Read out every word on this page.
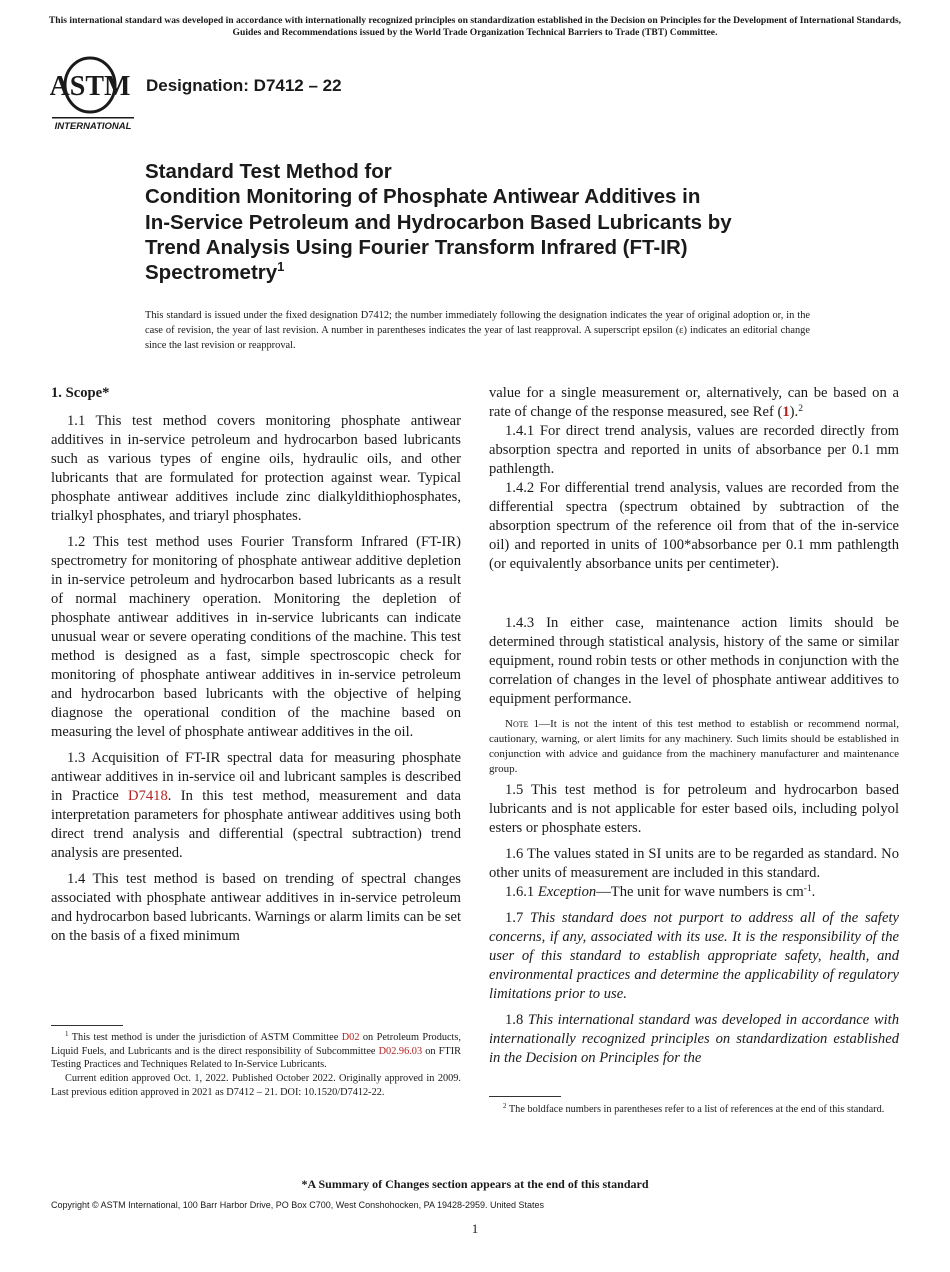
This international standard was developed in accordance with internationally recognized principles on standardization established in the Decision on Principles for the Development of International Standards, Guides and Recommendations issued by the World Trade Organization Technical Barriers to Trade (TBT) Committee.
ASTM
INTERNATIONAL
Designation: D7412 – 22
Standard Test Method for
Condition Monitoring of Phosphate Antiwear Additives in
In-Service Petroleum and Hydrocarbon Based Lubricants by
Trend Analysis Using Fourier Transform Infrared (FT-IR)
Spectrometry$^1$
This standard is issued under the fixed designation D7412; the number immediately following the designation indicates the year of original adoption or, in the case of revision, the year of last revision. A number in parentheses indicates the year of last reapproval. A superscript epsilon (ε) indicates an editorial change since the last revision or reapproval.

1. Scope*

1.1 This test method covers monitoring phosphate antiwear additives in in-service petroleum and hydrocarbon based lubricants such as various types of engine oils, hydraulic oils, and other lubricants that are formulated for protection against wear. Typical phosphate antiwear additives include zinc dialkyldithiophosphates, trialkyl phosphates, and triaryl phosphates.

1.2 This test method uses Fourier Transform Infrared (FT-IR) spectrometry for monitoring of phosphate antiwear additive depletion in in-service petroleum and hydrocarbon based lubricants as a result of normal machinery operation. Monitoring the depletion of phosphate antiwear additives in in-service lubricants can indicate unusual wear or severe operating conditions of the machine. This test method is designed as a fast, simple spectroscopic check for monitoring of phosphate antiwear additives in in-service petroleum and hydrocarbon based lubricants with the objective of helping diagnose the operational condition of the machine based on measuring the level of phosphate antiwear additives in the oil.

1.3 Acquisition of FT-IR spectral data for measuring phosphate antiwear additives in in-service oil and lubricant samples is described in Practice D7418. In this test method, measurement and data interpretation parameters for phosphate antiwear additives using both direct trend analysis and differential (spectral subtraction) trend analysis are presented.

1.4 This test method is based on trending of spectral changes associated with phosphate antiwear additives in in-service petroleum and hydrocarbon based lubricants. Warnings or alarm limits can be set on the basis of a fixed minimum

$^1$ This test method is under the jurisdiction of ASTM Committee D02 on Petroleum Products, Liquid Fuels, and Lubricants and is the direct responsibility of Subcommittee D02.96.03 on FTIR Testing Practices and Techniques Related to In-Service Lubricants.

Current edition approved Oct. 1, 2022. Published October 2022. Originally approved in 2009. Last previous edition approved in 2021 as D7412 – 21. DOI: 10.1520/D7412-22.

1.4.3 In either case, maintenance action limits should be determined through statistical analysis, history of the same or similar equipment, round robin tests or other methods in conjunction with the correlation of changes in the level of phosphate antiwear additives to equipment performance.

Note 1—It is not the intent of this test method to establish or recommend normal, cautionary, warning, or alert limits for any machinery. Such limits should be established in conjunction with advice and guidance from the machinery manufacturer and maintenance group.

1.5 This test method is for petroleum and hydrocarbon based lubricants and is not applicable for ester based oils, including polyol esters or phosphate esters.

1.6 The values stated in SI units are to be regarded as standard. No other units of measurement are included in this standard.

1.6.1 Exception—The unit for wave numbers is $cm^{-1}$.

1.7 This standard does not purport to address all of the safety concerns, if any, associated with its use. It is the responsibility of the user of this standard to establish appropriate safety, health, and environmental practices and determine the applicability of regulatory limitations prior to use.

1.8 This international standard was developed in accordance with internationally recognized principles on standardization established in the Decision on Principles for the

value for a single measurement or, alternatively, can be based on a rate of change of the response measured, see Ref (1).$^2$

1.4.1 For direct trend analysis, values are recorded directly from absorption spectra and reported in units of absorbance per 0.1 mm pathlength.

1.4.2 For differential trend analysis, values are recorded from the differential spectra (spectrum obtained by subtraction of the absorption spectrum of the reference oil from that of the in-service oil) and reported in units of 100*absorbance per 0.1 mm pathlength (or equivalently absorbance units per centimeter).

$^2$ The boldface numbers in parentheses refer to a list of references at the end of this standard.

*A Summary of Changes section appears at the end of this standard
Copyright © ASTM International, 100 Barr Harbor Drive, PO Box C700, West Conshohocken, PA 19428-2959. United States
1
